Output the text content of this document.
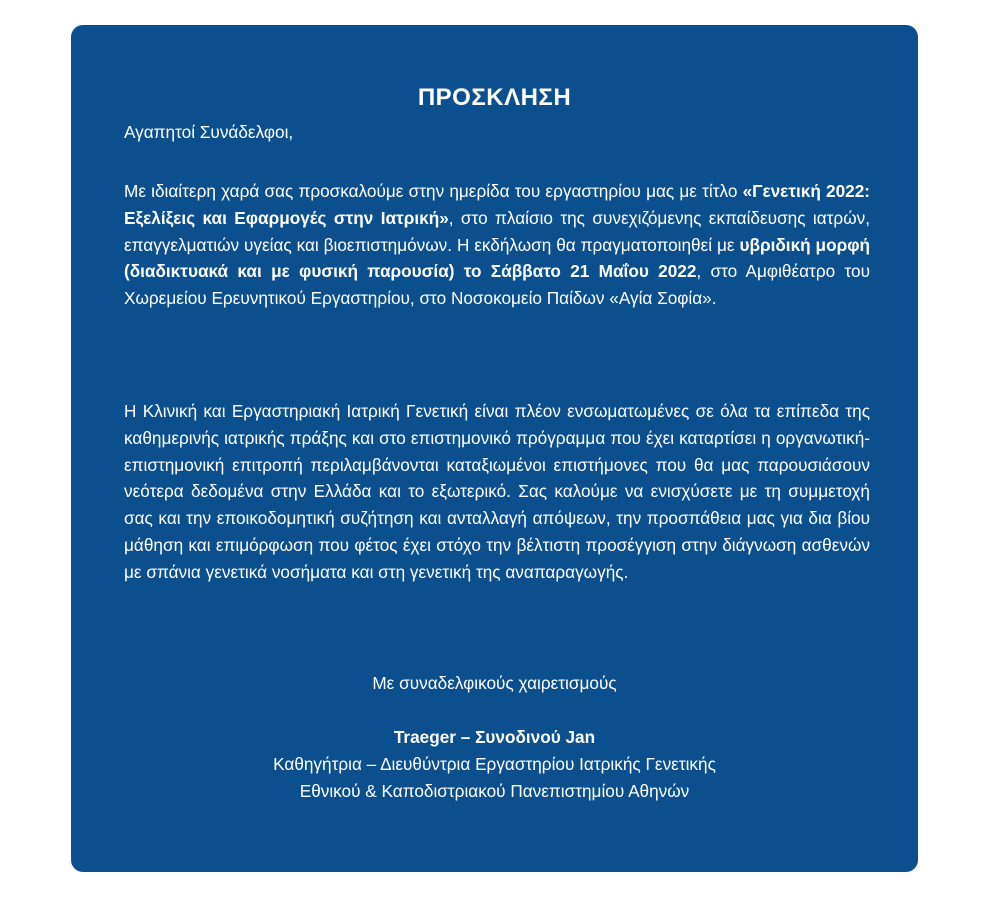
ΠΡΟΣΚΛΗΣΗ
Αγαπητοί Συνάδελφοι,

Με ιδιαίτερη χαρά σας προσκαλούμε στην ημερίδα του εργαστηρίου μας με τίτλο «Γενετική 2022: Εξελίξεις και Εφαρμογές στην Ιατρική», στο πλαίσιο της συνεχιζόμενης εκπαίδευσης ιατρών, επαγγελματιών υγείας και βιοεπιστημόνων. Η εκδήλωση θα πραγματοποιηθεί με υβριδική μορφή (διαδικτυακά και με φυσική παρουσία) το Σάββατο 21 Μαΐου 2022, στο Αμφιθέατρο του Χωρεμείου Ερευνητικού Εργαστηρίου, στο Νοσοκομείο Παίδων «Αγία Σοφία».

Η Κλινική και Εργαστηριακή Ιατρική Γενετική είναι πλέον ενσωματωμένες σε όλα τα επίπεδα της καθημερινής ιατρικής πράξης και στο επιστημονικό πρόγραμμα που έχει καταρτίσει η οργανωτική-επιστημονική επιτροπή περιλαμβάνονται καταξιωμένοι επιστήμονες που θα μας παρουσιάσουν νεότερα δεδομένα στην Ελλάδα και το εξωτερικό. Σας καλούμε να ενισχύσετε με τη συμμετοχή σας και την εποικοδομητική συζήτηση και ανταλλαγή απόψεων, την προσπάθεια μας για δια βίου μάθηση και επιμόρφωση που φέτος έχει στόχο την βέλτιστη προσέγγιση στην διάγνωση ασθενών με σπάνια γενετικά νοσήματα και στη γενετική της αναπαραγωγής.

Με συναδελφικούς χαιρετισμούς
Traeger – Συνοδινού Jan
Καθηγήτρια – Διευθύντρια Εργαστηρίου Ιατρικής Γενετικής
Εθνικού & Καποδιστριακού Πανεπιστημίου Αθηνών
